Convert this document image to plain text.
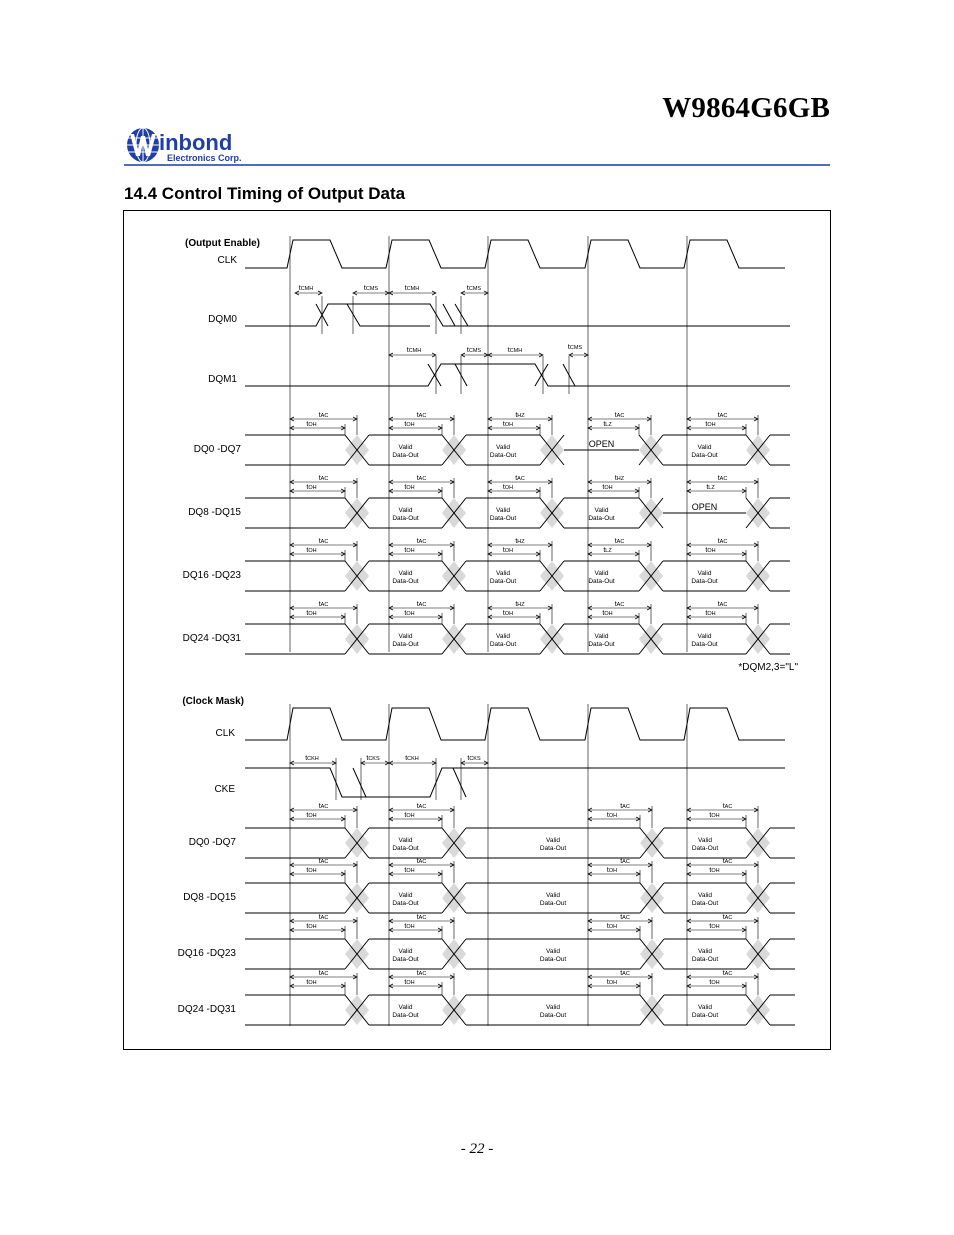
W9864G6GB
inbond
Electronics Corp.
14.4 Control Timing of Output Data
(Output Enable)
CLK
DQM0
tCMH	tCMS	tCMH	tCMS
DQM1
tCMH	tCMS	tCMH	tCMS
DQ0 -DQ7	Valid
Data-Out
Valid
Data-Out
OPEN	Valid
Data-Out
tAC
tOH
tAC
tOH
tHZ
tOH
tAC
tLZ
tAC
tOH
DQ8 -DQ15	Valid
Data-Out
Valid
Data-Out
Valid
Data-Out
OPEN
tAC
tOH
tAC
tOH
tAC
tOH
tHZ
tOH
tAC
tLZ
DQ16 -DQ23	Valid
Data-Out
Valid
Data-Out
Valid
Data-Out
Valid
Data-Out
tAC
tOH
tAC
tOH
tHZ
tOH
tAC
tLZ
tAC
tOH
DQ24 -DQ31	Valid
Data-Out
Valid
Data-Out
Valid
Data-Out
Valid
Data-Out
tAC
tOH
tAC
tOH
tHZ
tOH
tAC
tOH
tAC
tOH
*DQM2,3="L"
(Clock Mask)
CLK
CKE
tCKH	tCKS	tCKH	tCKS
DQ0 -DQ7	Valid
Data-Out
Valid
Data-Out
Valid
Data-Out
tAC
tOH
tAC
tOH
tAC
tOH
tAC
tOH
DQ8 -DQ15	Valid
Data-Out
Valid
Data-Out
Valid
Data-Out
tAC
tOH
tAC
tOH
tAC
tOH
tAC
tOH
DQ16 -DQ23	Valid
Data-Out
Valid
Data-Out
Valid
Data-Out
tAC
tOH
tAC
tOH
tAC
tOH
tAC
tOH
DQ24 -DQ31	Valid
Data-Out
Valid
Data-Out
Valid
Data-Out
tAC
tOH
tAC
tOH
tAC
tOH
tAC
tOH
- 22 -
